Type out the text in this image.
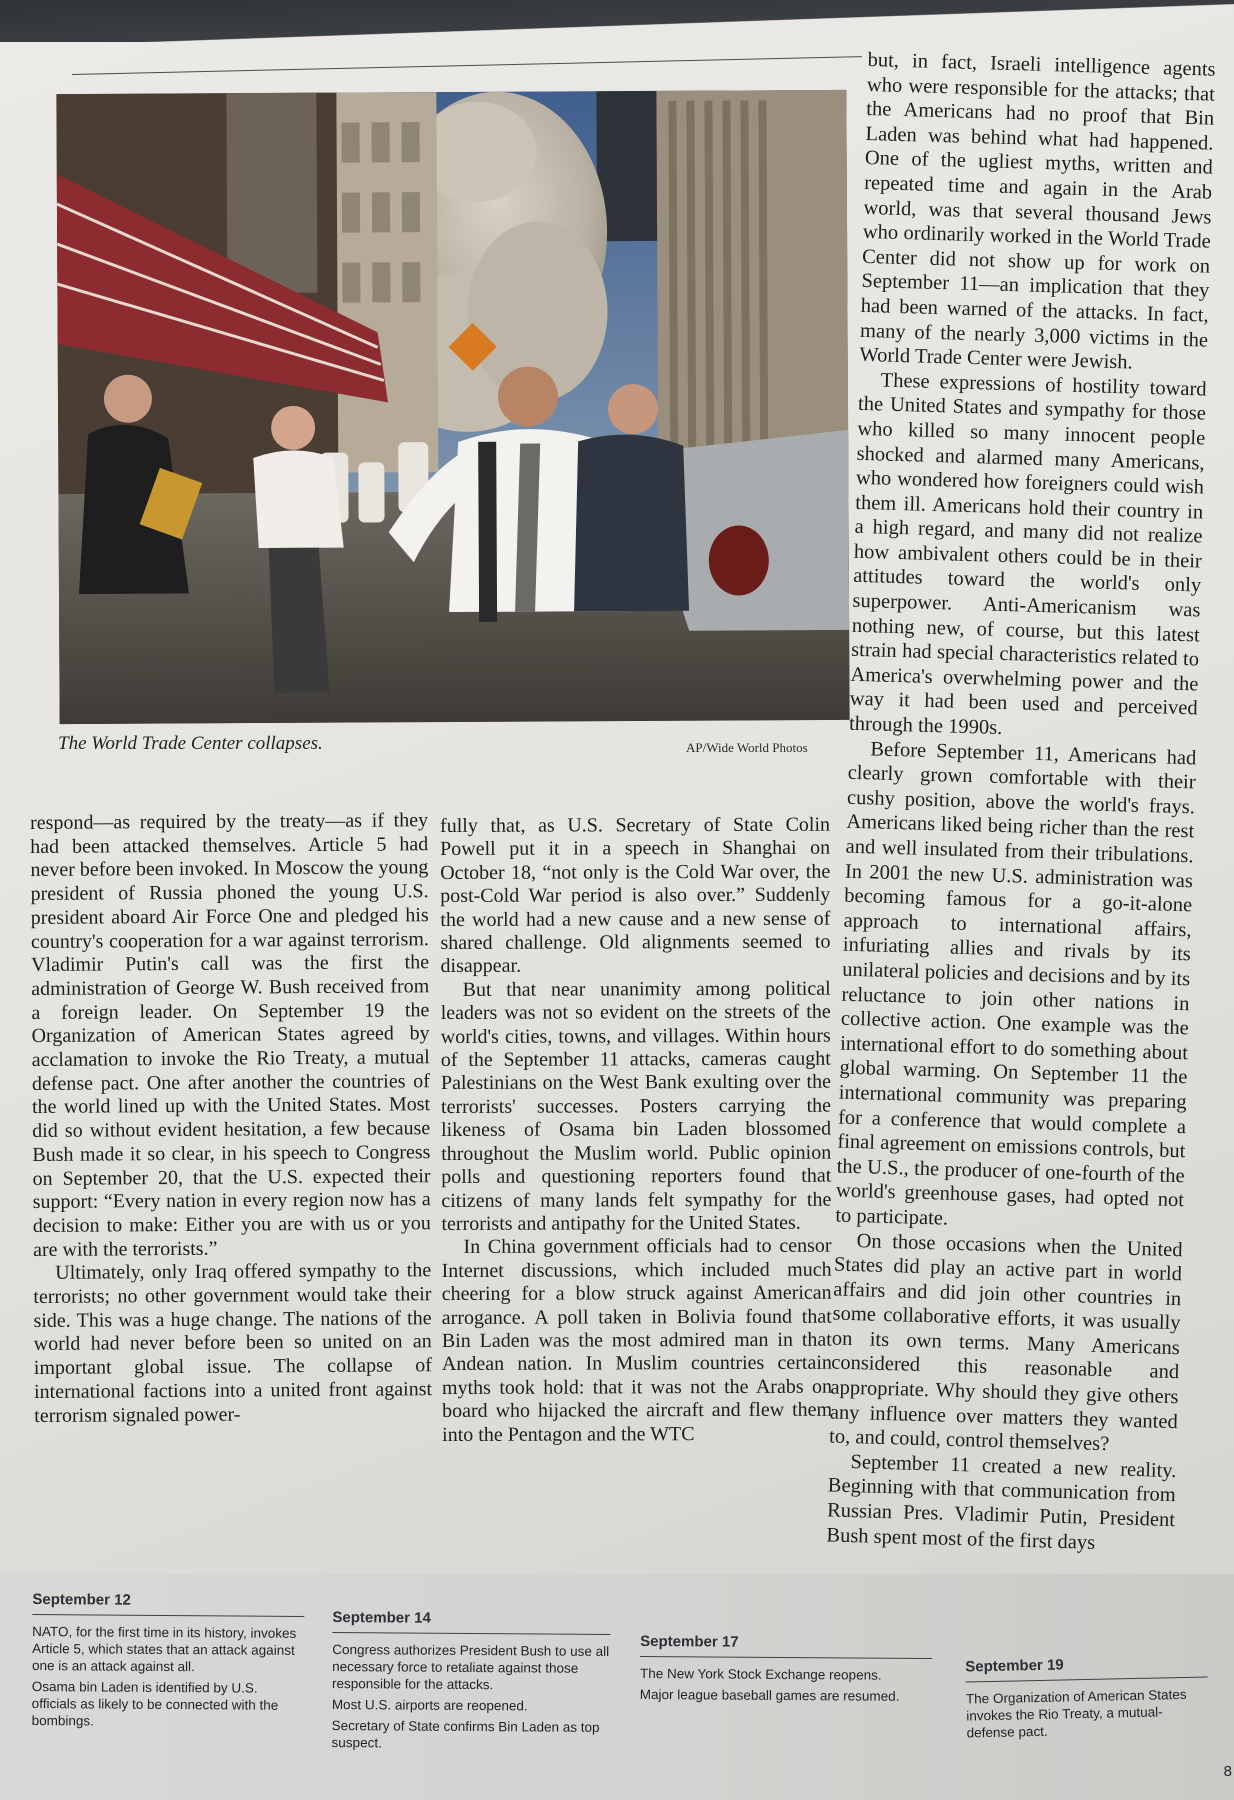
The World Trade Center collapses.	AP/Wide World Photos

respond—as required by the treaty—as if they had been attacked themselves. Article 5 had never before been invoked. In Moscow the young president of Russia phoned the young U.S. president aboard Air Force One and pledged his country's cooperation for a war against terrorism. Vladimir Putin's call was the first the administration of George W. Bush received from a foreign leader. On September 19 the Organization of American States agreed by acclamation to invoke the Rio Treaty, a mutual defense pact. One after another the countries of the world lined up with the United States. Most did so without evident hesitation, a few because Bush made it so clear, in his speech to Congress on September 20, that the U.S. expected their support: “Every nation in every region now has a decision to make: Either you are with us or you are with the terrorists.”

Ultimately, only Iraq offered sympathy to the terrorists; no other government would take their side. This was a huge change. The nations of the world had never before been so united on an important global issue. The collapse of international factions into a united front against terrorism signaled power-

fully that, as U.S. Secretary of State Colin Powell put it in a speech in Shanghai on October 18, “not only is the Cold War over, the post-Cold War period is also over.” Suddenly the world had a new cause and a new sense of shared challenge. Old alignments seemed to disappear.

But that near unanimity among political leaders was not so evident on the streets of the world's cities, towns, and villages. Within hours of the September 11 attacks, cameras caught Palestinians on the West Bank exulting over the terrorists' successes. Posters carrying the likeness of Osama bin Laden blossomed throughout the Muslim world. Public opinion polls and questioning reporters found that citizens of many lands felt sympathy for the terrorists and antipathy for the United States.

In China government officials had to censor Internet discussions, which included much cheering for a blow struck against American arrogance. A poll taken in Bolivia found that Bin Laden was the most admired man in that Andean nation. In Muslim countries certain myths took hold: that it was not the Arabs on board who hijacked the aircraft and flew them into the Pentagon and the WTC

but, in fact, Israeli intelligence agents who were responsible for the attacks; that the Americans had no proof that Bin Laden was behind what had happened. One of the ugliest myths, written and repeated time and again in the Arab world, was that several thousand Jews who ordinarily worked in the World Trade Center did not show up for work on September 11—an implication that they had been warned of the attacks. In fact, many of the nearly 3,000 victims in the World Trade Center were Jewish.

These expressions of hostility toward the United States and sympathy for those who killed so many innocent people shocked and alarmed many Americans, who wondered how foreigners could wish them ill. Americans hold their country in a high regard, and many did not realize how ambivalent others could be in their attitudes toward the world's only superpower. Anti-Americanism was nothing new, of course, but this latest strain had special characteristics related to America's overwhelming power and the way it had been used and perceived through the 1990s.

Before September 11, Americans had clearly grown comfortable with their cushy position, above the world's frays. Americans liked being richer than the rest and well insulated from their tribulations. In 2001 the new U.S. administration was becoming famous for a go-it-alone approach to international affairs, infuriating allies and rivals by its unilateral policies and decisions and by its reluctance to join other nations in collective action. One example was the international effort to do something about global warming. On September 11 the international community was preparing for a conference that would complete a final agreement on emissions controls, but the U.S., the producer of one-fourth of the world's greenhouse gases, had opted not to participate.

On those occasions when the United States did play an active part in world affairs and did join other countries in some collaborative efforts, it was usually on its own terms. Many Americans considered this reasonable and appropriate. Why should they give others any influence over matters they wanted to, and could, control themselves?

September 11 created a new reality. Beginning with that communication from Russian Pres. Vladimir Putin, President Bush spent most of the first days

September 12

NATO, for the first time in its history, invokes Article 5, which states that an attack against one is an attack against all.

Osama bin Laden is identified by U.S. officials as likely to be connected with the bombings.

September 14

Congress authorizes President Bush to use all necessary force to retaliate against those responsible for the attacks.

Most U.S. airports are reopened.

Secretary of State confirms Bin Laden as top suspect.

September 17

The New York Stock Exchange reopens.

Major league baseball games are resumed.

September 19

The Organization of American States invokes the Rio Treaty, a mutual-defense pact.

8
